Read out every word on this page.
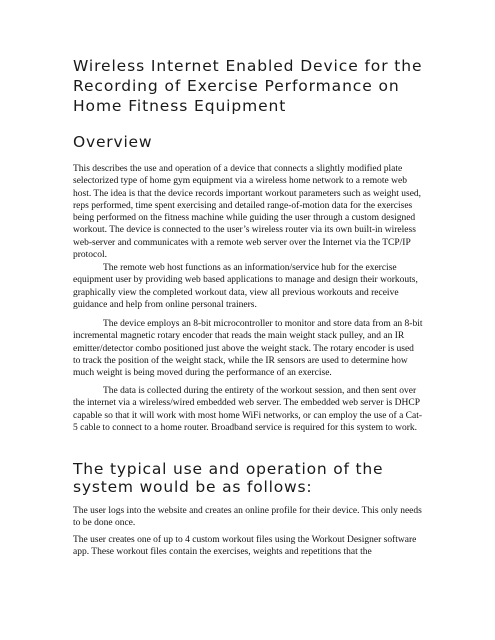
Wireless Internet Enabled Device for the Recording of Exercise Performance on Home Fitness Equipment
Overview

This describes the use and operation of a device that connects a slightly modified plate selectorized type of home gym equipment via a wireless home network to a remote web host. The idea is that the device records important workout parameters such as weight used, reps performed, time spent exercising and detailed range-of-motion data for the exercises being performed on the fitness machine while guiding the user through a custom designed workout. The device is connected to the user’s wireless router via its own built-in wireless web-server and communicates with a remote web server over the Internet via the TCP/IP protocol.

The remote web host functions as an information/service hub for the exercise equipment user by providing web based applications to manage and design their workouts, graphically view the completed workout data, view all previous workouts and receive guidance and help from online personal trainers.

The device employs an 8-bit microcontroller to monitor and store data from an 8-bit incremental magnetic rotary encoder that reads the main weight stack pulley, and an IR emitter/detector combo positioned just above the weight stack. The rotary encoder is used to track the position of the weight stack, while the IR sensors are used to determine how much weight is being moved during the performance of an exercise.

The data is collected during the entirety of the workout session, and then sent over the internet via a wireless/wired embedded web server. The embedded web server is DHCP capable so that it will work with most home WiFi networks, or can employ the use of a Cat-5 cable to connect to a home router. Broadband service is required for this system to work.

The typical use and operation of the system would be as follows:

The user logs into the website and creates an online profile for their device. This only needs to be done once.

The user creates one of up to 4 custom workout files using the Workout Designer software app. These workout files contain the exercises, weights and repetitions that the
